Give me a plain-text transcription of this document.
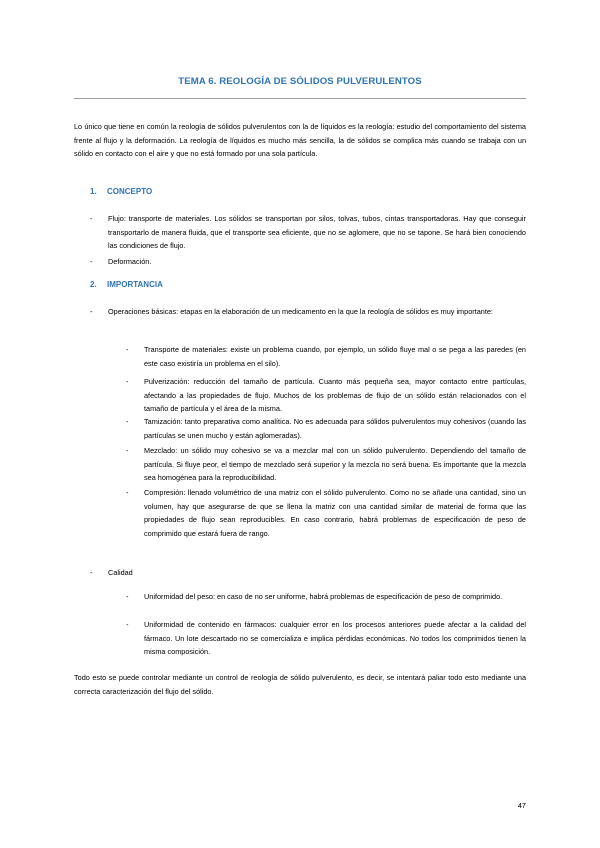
TEMA 6. REOLOGÍA DE SÓLIDOS PULVERULENTOS
Lo único que tiene en común la reología de sólidos pulverulentos con la de líquidos es la reología: estudio del comportamiento del sistema frente al flujo y la deformación. La reología de líquidos es mucho más sencilla, la de sólidos se complica más cuando se trabaja con un sólido en contacto con el aire y que no está formado por una sola partícula.
1. CONCEPTO
- Flujo: transporte de materiales. Los sólidos se transportan por silos, tolvas, tubos, cintas transportadoras. Hay que conseguir transportarlo de manera fluida, que el transporte sea eficiente, que no se aglomere, que no se tapone. Se hará bien conociendo las condiciones de flujo.
- Deformación.
2. IMPORTANCIA
- Operaciones básicas: etapas en la elaboración de un medicamento en la que la reología de sólidos es muy importante:
- Transporte de materiales: existe un problema cuando, por ejemplo, un sólido fluye mal o se pega a las paredes (en este caso existiría un problema en el silo).
- Pulverización: reducción del tamaño de partícula. Cuanto más pequeña sea, mayor contacto entre partículas, afectando a las propiedades de flujo. Muchos de los problemas de flujo de un sólido están relacionados con el tamaño de partícula y el área de la misma.
- Tamización: tanto preparativa como analítica. No es adecuada para sólidos pulverulentos muy cohesivos (cuando las partículas se unen mucho y están aglomeradas).
- Mezclado: un sólido muy cohesivo se va a mezclar mal con un sólido pulverulento. Dependiendo del tamaño de partícula. Si fluye peor, el tiempo de mezclado será superior y la mezcla no será buena. Es importante que la mezcla sea homogénea para la reproducibilidad.
- Compresión: llenado volumétrico de una matriz con el sólido pulverulento. Como no se añade una cantidad, sino un volumen, hay que asegurarse de que se llena la matriz con una cantidad similar de material de forma que las propiedades de flujo sean reproducibles. En caso contrario, habrá problemas de especificación de peso de comprimido que estará fuera de rango.
- Calidad
- Uniformidad del peso: en caso de no ser uniforme, habrá problemas de especificación de peso de comprimido.
- Uniformidad de contenido en fármacos: cualquier error en los procesos anteriores puede afectar a la calidad del fármaco. Un lote descartado no se comercializa e implica pérdidas económicas. No todos los comprimidos tienen la misma composición.
Todo esto se puede controlar mediante un control de reología de sólido pulverulento, es decir, se intentará paliar todo esto mediante una correcta caracterización del flujo del sólido.
47
